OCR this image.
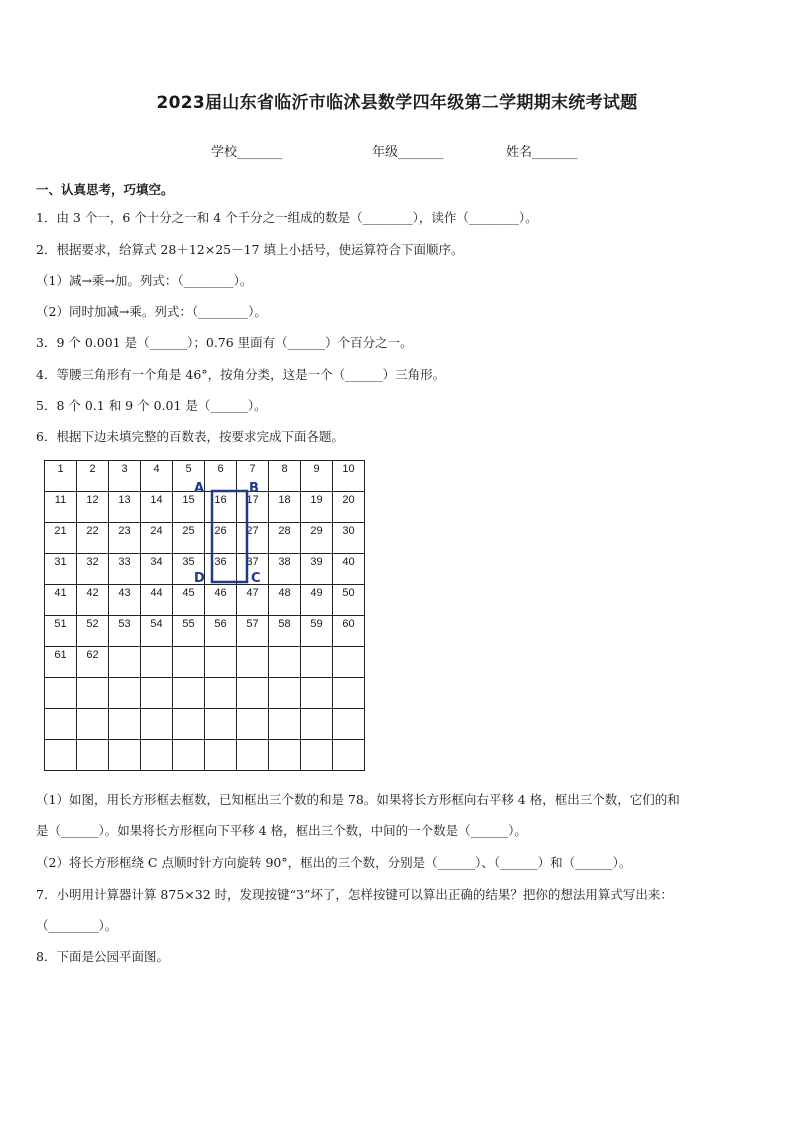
2023届山东省临沂市临沭县数学四年级第二学期期末统考试题
学校_______	年级_______	姓名_______
一、认真思考，巧填空。
1．由 3 个一，6 个十分之一和 4 个千分之一组成的数是（________），读作（________）。
2．根据要求，给算式 28＋12×25－17 填上小括号，使运算符合下面顺序。
（1）减→乘→加。列式：（________）。
（2）同时加减→乘。列式：（________）。
3．9 个 0.001 是（______）；0.76 里面有（______）个百分之一。
4．等腰三角形有一个角是 46°，按角分类，这是一个（______）三角形。
5．8 个 0.1 和 9 个 0.01 是（______）。
6．根据下边未填完整的百数表，按要求完成下面各题。
1	2	3	4	5	6	7	8	9	10
11	12	13	14	15	16	17	18	19	20
21	22	23	24	25	26	27	28	29	30
31	32	33	34	35	36	37	38	39	40
41	42	43	44	45	46	47	48	49	50
51	52	53	54	55	56	57	58	59	60
61	62								

A	B
C
D
（1）如图，用长方形框去框数，已知框出三个数的和是 78。如果将长方形框向右平移 4 格，框出三个数，它们的和
是（______）。如果将长方形框向下平移 4 格，框出三个数，中间的一个数是（______）。
（2）将长方形框绕 C 点顺时针方向旋转 90°，框出的三个数，分别是（______）、（______）和（______）。
7．小明用计算器计算 875×32 时，发现按键“3”坏了，怎样按键可以算出正确的结果？把你的想法用算式写出来：
（________）。
8．下面是公园平面图。
